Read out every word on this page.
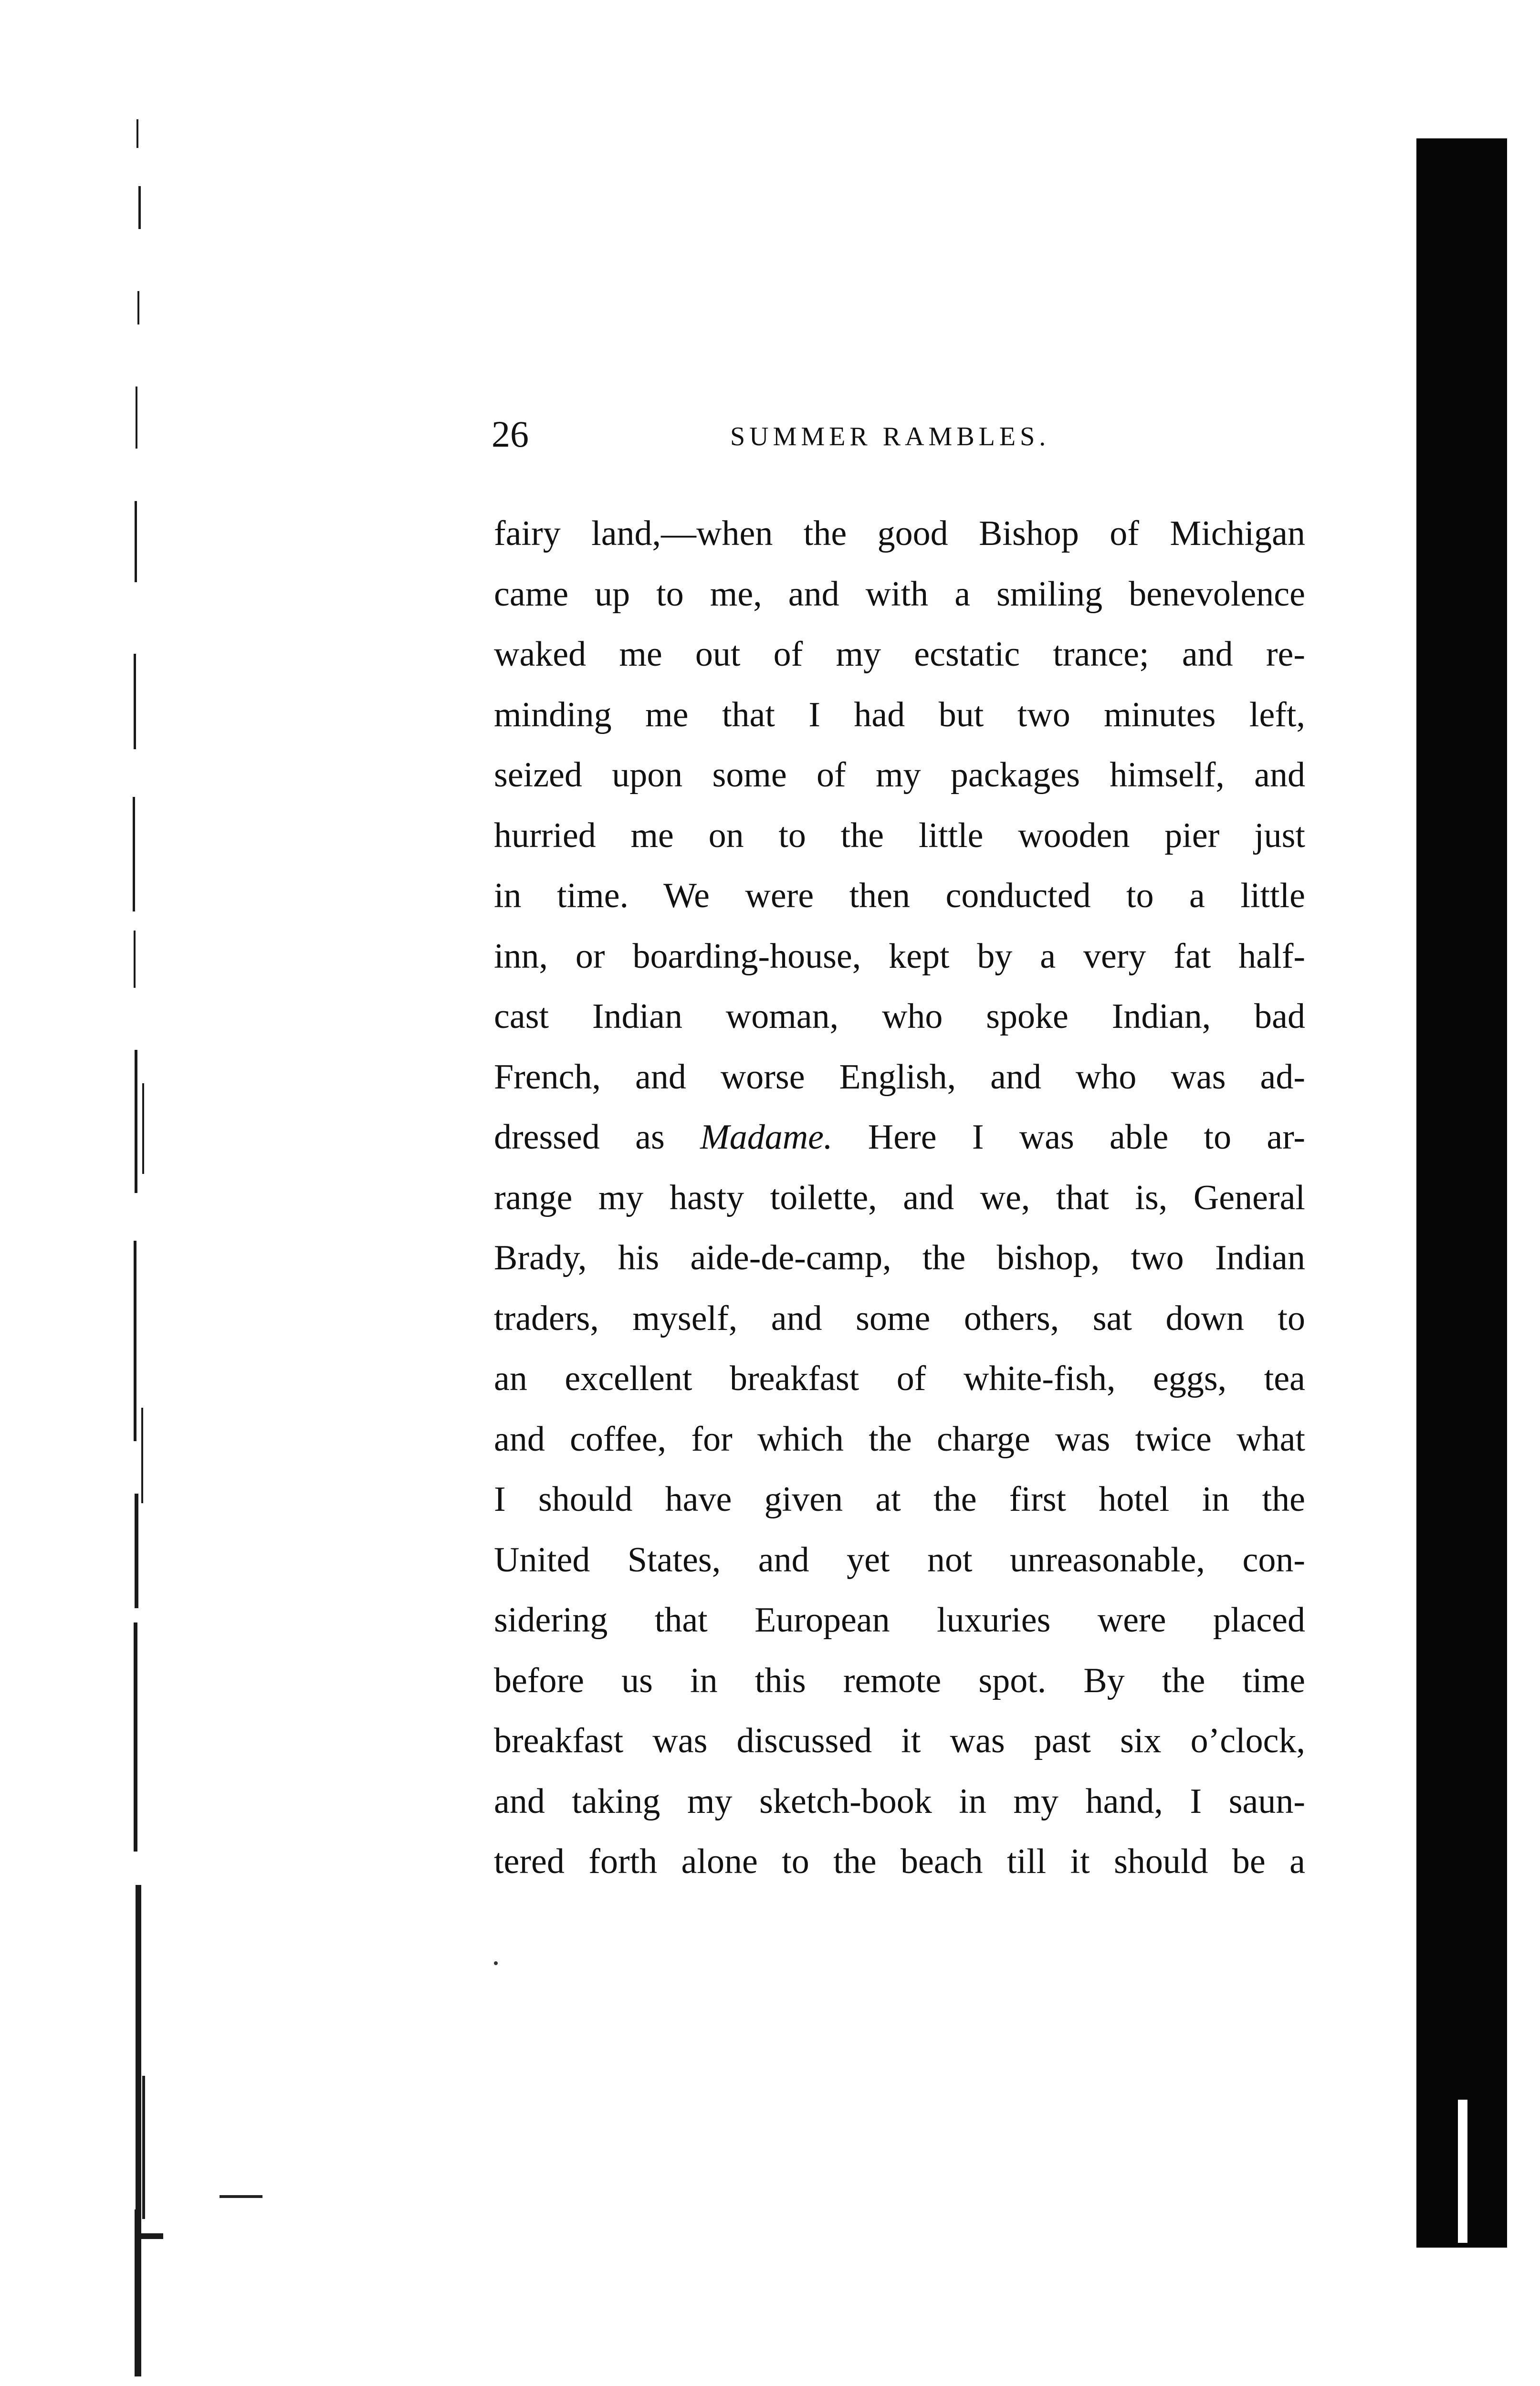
26	SUMMER RAMBLES.
fairy land,—when the good Bishop of Michigan
came up to me, and with a smiling benevolence
waked me out of my ecstatic trance; and re-
minding me that I had but two minutes left,
seized upon some of my packages himself, and
hurried me on to the little wooden pier just
in time. We were then conducted to a little
inn, or boarding-house, kept by a very fat half-
cast Indian woman, who spoke Indian, bad
French, and worse English, and who was ad-
dressed as Madame. Here I was able to ar-
range my hasty toilette, and we, that is, General
Brady, his aide-de-camp, the bishop, two Indian
traders, myself, and some others, sat down to
an excellent breakfast of white-fish, eggs, tea
and coffee, for which the charge was twice what
I should have given at the first hotel in the
United States, and yet not unreasonable, con-
sidering that European luxuries were placed
before us in this remote spot. By the time
breakfast was discussed it was past six o’clock,
and taking my sketch-book in my hand, I saun-
tered forth alone to the beach till it should be a
